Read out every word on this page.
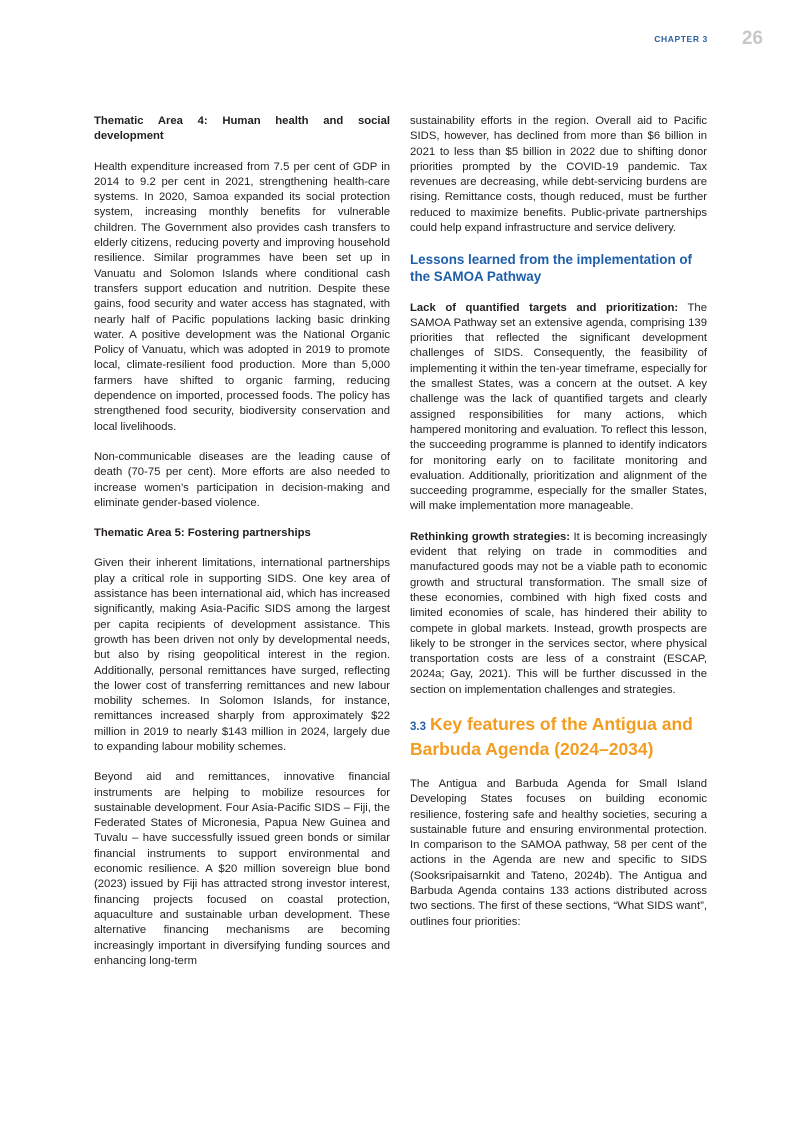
CHAPTER 3 26
Thematic Area 4: Human health and social development

Health expenditure increased from 7.5 per cent of GDP in 2014 to 9.2 per cent in 2021, strengthening health-care systems. In 2020, Samoa expanded its social protection system, increasing monthly benefits for vulnerable children. The Government also provides cash transfers to elderly citizens, reducing poverty and improving household resilience. Similar programmes have been set up in Vanuatu and Solomon Islands where conditional cash transfers support education and nutrition. Despite these gains, food security and water access has stagnated, with nearly half of Pacific populations lacking basic drinking water. A positive development was the National Organic Policy of Vanuatu, which was adopted in 2019 to promote local, climate-resilient food production. More than 5,000 farmers have shifted to organic farming, reducing dependence on imported, processed foods. The policy has strengthened food security, biodiversity conservation and local livelihoods.

Non-communicable diseases are the leading cause of death (70-75 per cent). More efforts are also needed to increase women’s participation in decision-making and eliminate gender-based violence.

Thematic Area 5: Fostering partnerships

Given their inherent limitations, international partnerships play a critical role in supporting SIDS. One key area of assistance has been international aid, which has increased significantly, making Asia-Pacific SIDS among the largest per capita recipients of development assistance. This growth has been driven not only by developmental needs, but also by rising geopolitical interest in the region. Additionally, personal remittances have surged, reflecting the lower cost of transferring remittances and new labour mobility schemes. In Solomon Islands, for instance, remittances increased sharply from approximately $22 million in 2019 to nearly $143 million in 2024, largely due to expanding labour mobility schemes.

Beyond aid and remittances, innovative financial instruments are helping to mobilize resources for sustainable development. Four Asia-Pacific SIDS – Fiji, the Federated States of Micronesia, Papua New Guinea and Tuvalu – have successfully issued green bonds or similar financial instruments to support environmental and economic resilience. A $20 million sovereign blue bond (2023) issued by Fiji has attracted strong investor interest, financing projects focused on coastal protection, aquaculture and sustainable urban development. These alternative financing mechanisms are becoming increasingly important in diversifying funding sources and enhancing long-term

sustainability efforts in the region. Overall aid to Pacific SIDS, however, has declined from more than $6 billion in 2021 to less than $5 billion in 2022 due to shifting donor priorities prompted by the COVID-19 pandemic. Tax revenues are decreasing, while debt-servicing burdens are rising. Remittance costs, though reduced, must be further reduced to maximize benefits. Public-private partnerships could help expand infrastructure and service delivery.

Lessons learned from the implementation of the SAMOA Pathway

Lack of quantified targets and prioritization: The SAMOA Pathway set an extensive agenda, comprising 139 priorities that reflected the significant development challenges of SIDS. Consequently, the feasibility of implementing it within the ten-year timeframe, especially for the smallest States, was a concern at the outset. A key challenge was the lack of quantified targets and clearly assigned responsibilities for many actions, which hampered monitoring and evaluation. To reflect this lesson, the succeeding programme is planned to identify indicators for monitoring early on to facilitate monitoring and evaluation. Additionally, prioritization and alignment of the succeeding programme, especially for the smaller States, will make implementation more manageable.

Rethinking growth strategies: It is becoming increasingly evident that relying on trade in commodities and manufactured goods may not be a viable path to economic growth and structural transformation. The small size of these economies, combined with high fixed costs and limited economies of scale, has hindered their ability to compete in global markets. Instead, growth prospects are likely to be stronger in the services sector, where physical transportation costs are less of a constraint (ESCAP, 2024a; Gay, 2021). This will be further discussed in the section on implementation challenges and strategies.

3.3 Key features of the Antigua and Barbuda Agenda (2024–2034)

The Antigua and Barbuda Agenda for Small Island Developing States focuses on building economic resilience, fostering safe and healthy societies, securing a sustainable future and ensuring environmental protection. In comparison to the SAMOA pathway, 58 per cent of the actions in the Agenda are new and specific to SIDS (Sooksripaisarnkit and Tateno, 2024b). The Antigua and Barbuda Agenda contains 133 actions distributed across two sections. The first of these sections, “What SIDS want”, outlines four priorities:
